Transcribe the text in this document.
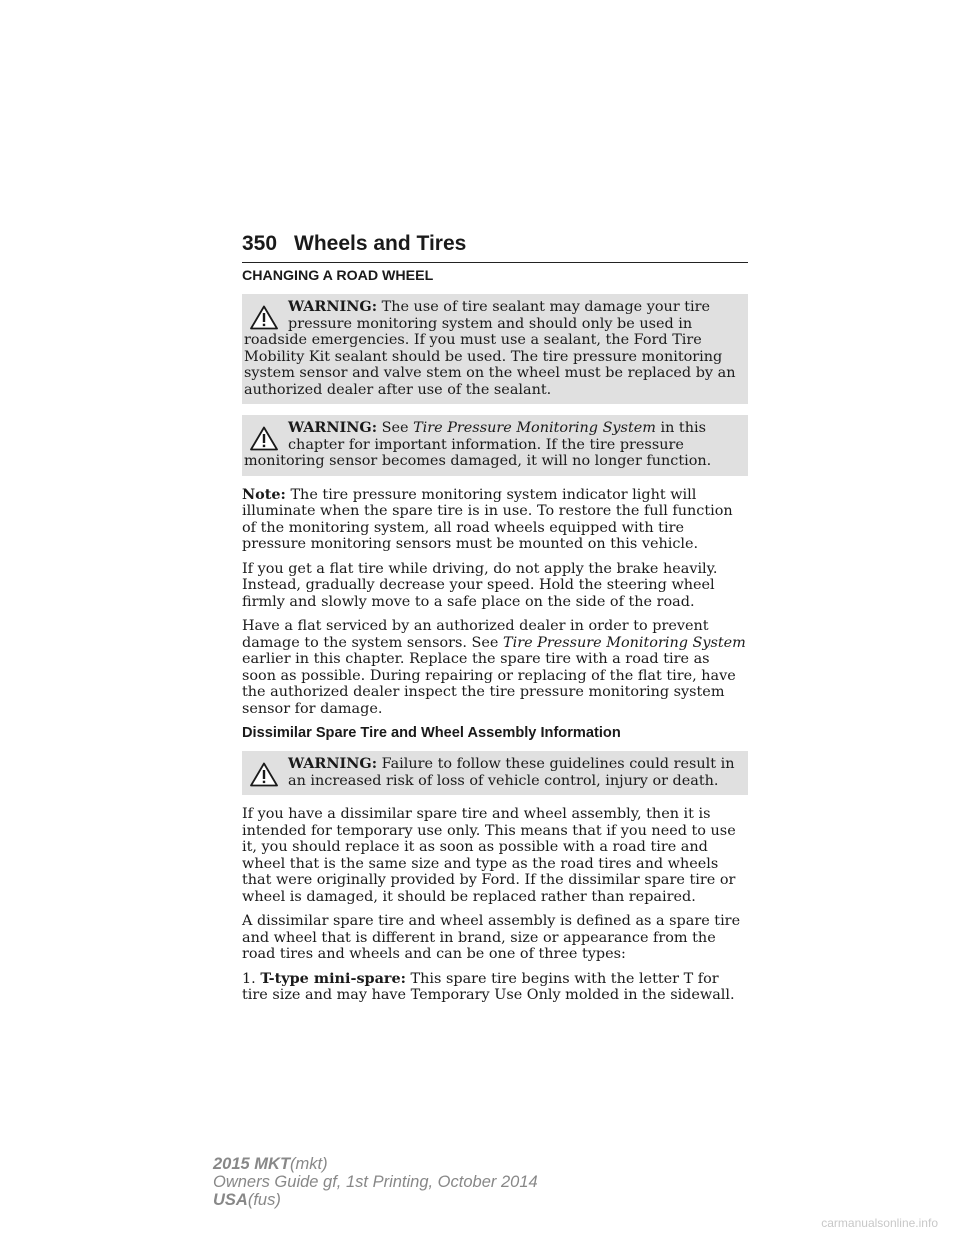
350 Wheels and Tires
CHANGING A ROAD WHEEL
WARNING: The use of tire sealant may damage your tire pressure monitoring system and should only be used in roadside emergencies. If you must use a sealant, the Ford Tire Mobility Kit sealant should be used. The tire pressure monitoring system sensor and valve stem on the wheel must be replaced by an authorized dealer after use of the sealant.
WARNING: See Tire Pressure Monitoring System in this chapter for important information. If the tire pressure monitoring sensor becomes damaged, it will no longer function.

Note: The tire pressure monitoring system indicator light will illuminate when the spare tire is in use. To restore the full function of the monitoring system, all road wheels equipped with tire pressure monitoring sensors must be mounted on this vehicle.

If you get a flat tire while driving, do not apply the brake heavily. Instead, gradually decrease your speed. Hold the steering wheel firmly and slowly move to a safe place on the side of the road.

Have a flat serviced by an authorized dealer in order to prevent damage to the system sensors. See Tire Pressure Monitoring System earlier in this chapter. Replace the spare tire with a road tire as soon as possible. During repairing or replacing of the flat tire, have the authorized dealer inspect the tire pressure monitoring system sensor for damage.

Dissimilar Spare Tire and Wheel Assembly Information
WARNING: Failure to follow these guidelines could result in an increased risk of loss of vehicle control, injury or death.

If you have a dissimilar spare tire and wheel assembly, then it is intended for temporary use only. This means that if you need to use it, you should replace it as soon as possible with a road tire and wheel that is the same size and type as the road tires and wheels that were originally provided by Ford. If the dissimilar spare tire or wheel is damaged, it should be replaced rather than repaired.

A dissimilar spare tire and wheel assembly is defined as a spare tire and wheel that is different in brand, size or appearance from the road tires and wheels and can be one of three types:

1. T-type mini-spare: This spare tire begins with the letter T for tire size and may have Temporary Use Only molded in the sidewall.

2015 MKT(mkt)
Owners Guide gf, 1st Printing, October 2014
USA(fus)
carmanualsonline.info
